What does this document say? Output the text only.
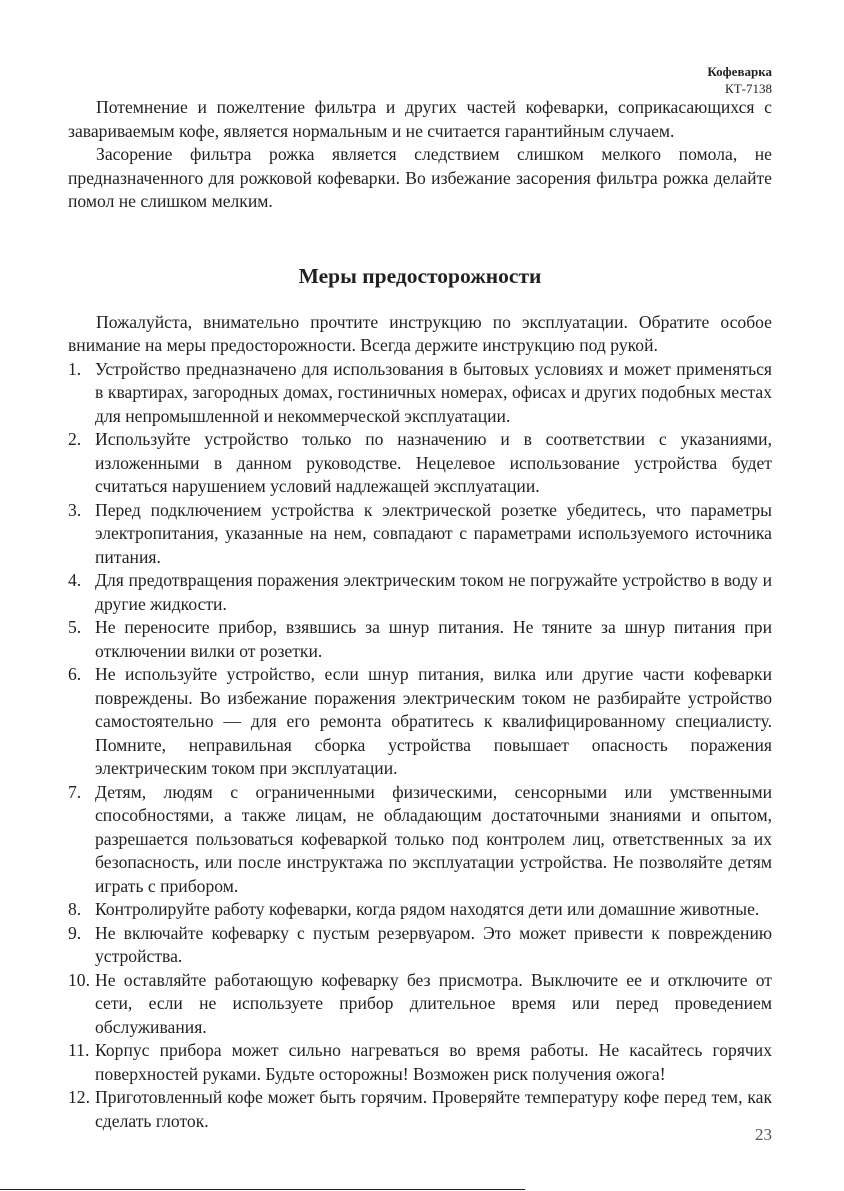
Кофеварка
КТ-7138

Потемнение и пожелтение фильтра и других частей кофеварки, соприкасающихся с завариваемым кофе, является нормальным и не считается гарантийным случаем.

Засорение фильтра рожка является следствием слишком мелкого помола, не предназначенного для рожковой кофеварки. Во избежание засорения фильтра рожка делайте помол не слишком мелким.

Меры предосторожности

Пожалуйста, внимательно прочтите инструкцию по эксплуатации. Обратите особое внимание на меры предосторожности. Всегда держите инструкцию под рукой.

1. Устройство предназначено для использования в бытовых условиях и может применяться в квартирах, загородных домах, гостиничных номерах, офисах и других подобных местах для непромышленной и некоммерческой эксплуатации.
2. Используйте устройство только по назначению и в соответствии с указаниями, изложенными в данном руководстве. Нецелевое использование устройства будет считаться нарушением условий надлежащей эксплуатации.
3. Перед подключением устройства к электрической розетке убедитесь, что параметры электропитания, указанные на нем, совпадают с параметрами используемого источника питания.
4. Для предотвращения поражения электрическим током не погружайте устройство в воду и другие жидкости.
5. Не переносите прибор, взявшись за шнур питания. Не тяните за шнур питания при отключении вилки от розетки.
6. Не используйте устройство, если шнур питания, вилка или другие части кофеварки повреждены. Во избежание поражения электрическим током не разбирайте устройство самостоятельно — для его ремонта обратитесь к квалифицированному специалисту. Помните, неправильная сборка устройства повышает опасность поражения электрическим током при эксплуатации.
7. Детям, людям с ограниченными физическими, сенсорными или умственными способностями, а также лицам, не обладающим достаточными знаниями и опытом, разрешается пользоваться кофеваркой только под контролем лиц, ответственных за их безопасность, или после инструктажа по эксплуатации устройства. Не позволяйте детям играть с прибором.
8. Контролируйте работу кофеварки, когда рядом находятся дети или домашние животные.
9. Не включайте кофеварку с пустым резервуаром. Это может привести к повреждению устройства.
10. Не оставляйте работающую кофеварку без присмотра. Выключите ее и отключите от сети, если не используете прибор длительное время или перед проведением обслуживания.
11. Корпус прибора может сильно нагреваться во время работы. Не касайтесь горячих поверхностей руками. Будьте осторожны! Возможен риск получения ожога!
12. Приготовленный кофе может быть горячим. Проверяйте температуру кофе перед тем, как сделать глоток.
23
